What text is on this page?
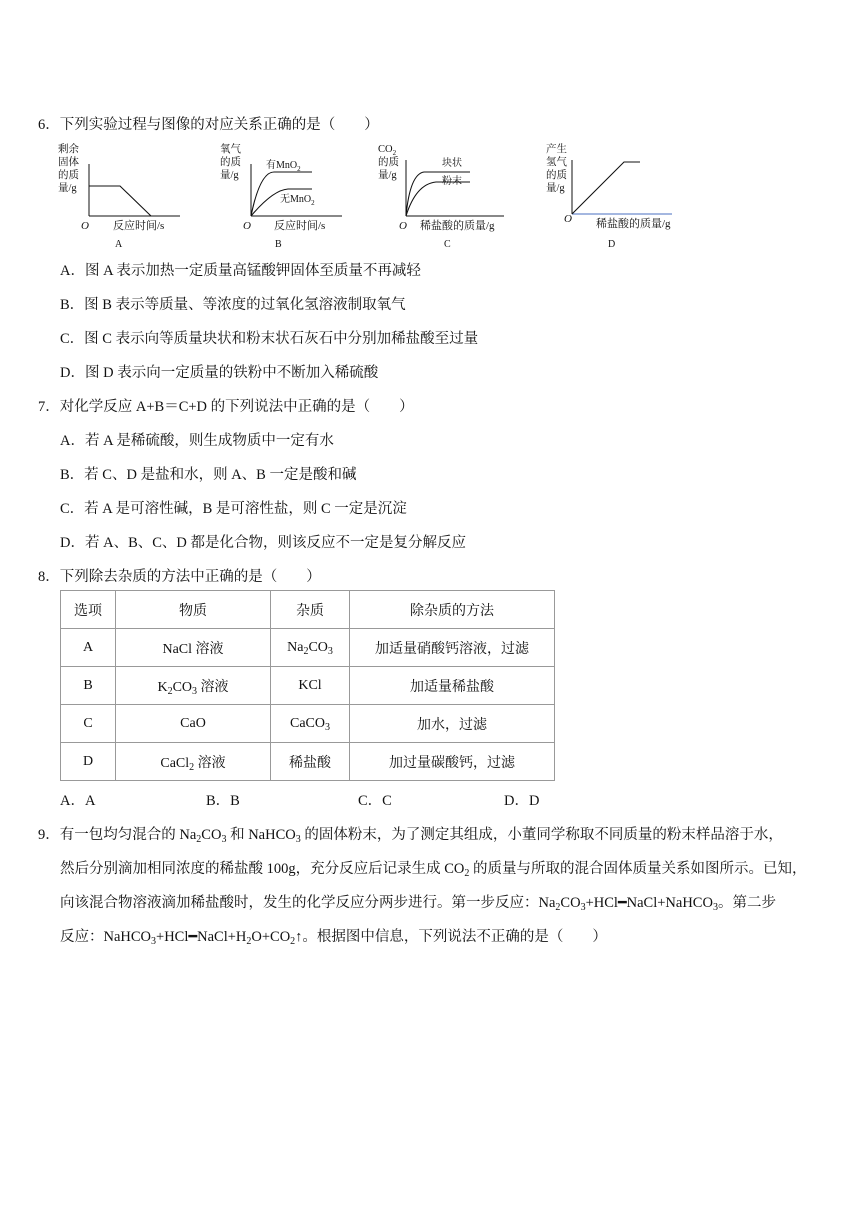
6．下列实验过程与图像的对应关系正确的是（　　）
剩余
固体
的质
量/g
O 反应时间/s
A
氧气
的质
量/g
有MnO$_2$
无MnO$_2$
O 反应时间/s
B
$CO_2$
的质
量/g
块状
粉末
O 稀盐酸的质量/g
C
产生
氢气
的质
量/g
O 稀盐酸的质量/g
D
A．图 A 表示加热一定质量高锰酸钾固体至质量不再减轻
B．图 B 表示等质量、等浓度的过氧化氢溶液制取氧气
C．图 C 表示向等质量块状和粉末状石灰石中分别加稀盐酸至过量
D．图 D 表示向一定质量的铁粉中不断加入稀硫酸
7．对化学反应 A+B＝C+D 的下列说法中正确的是（　　）
A．若 A 是稀硫酸，则生成物质中一定有水
B．若 C、D 是盐和水，则 A、B 一定是酸和碱
C．若 A 是可溶性碱，B 是可溶性盐，则 C 一定是沉淀
D．若 A、B、C、D 都是化合物，则该反应不一定是复分解反应
8．下列除去杂质的方法中正确的是（　　）
选项	物质	杂质	除杂质的方法
A	NaCl 溶液	$Na_2CO_3$	加适量硝酸钙溶液，过滤
B	$K_2CO_3$ 溶液	KCl	加适量稀盐酸
C	CaO	CaCO$_3$	加水，过滤
D	CaCl$_2$ 溶液	稀盐酸	加过量碳酸钙，过滤
A．A	B．B	C．C	D．D
9．有一包均匀混合的 $Na_2CO_3$ 和 NaHCO$_3$ 的固体粉末，为了测定其组成，小董同学称取不同质量的粉末样品溶于水，
然后分别滴加相同浓度的稀盐酸 100g，充分反应后记录生成 $CO_2$ 的质量与所取的混合固体质量关系如图所示。已知，
向该混合物溶液滴加稀盐酸时，发生的化学反应分两步进行。第一步反应：$Na_2CO_3+HCl━NaCl+NaHCO_3$。第二步
反应：$NaHCO_3+HCl━NaCl+H_2O+CO_2↑$。根据图中信息，下列说法不正确的是（　　）
